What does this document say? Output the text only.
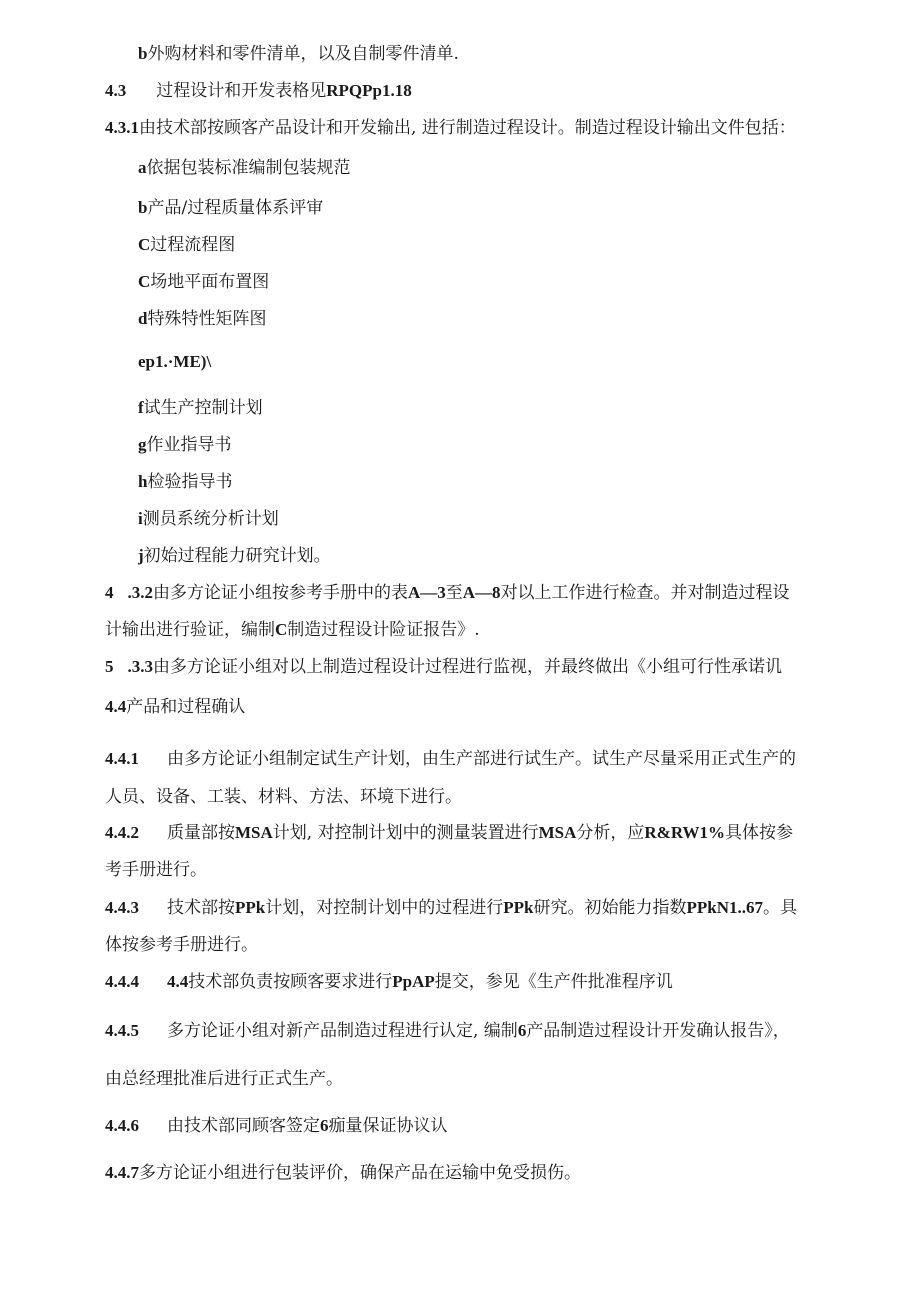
b外购材料和零件清单，以及自制零件清单.
4.3 过程设计和开发表格见RPQPp1.18
4.3.1由技术部按顾客产品设计和开发输出, 进行制造过程设计。制造过程设计输出文件包括：
a依据包装标准编制包装规范
b产品/过程质量体系评审
C过程流程图
C场地平面布置图
d特殊特性矩阵图
ep1.·ME)\
f试生产控制计划
g作业指导书
h检验指导书
i测员系统分析计划
j初始过程能力研究计划。
4 .3.2由多方论证小组按参考手册中的表A—3至A—8对以上工作进行检查。并对制造过程设
计输出进行验证，编制C制造过程设计险证报告》.
5 .3.3由多方论证小组对以上制造过程设计过程进行监视，并最终做出《小组可行性承诺讥
4.4产品和过程确认
4.4.1 由多方论证小组制定试生产计划，由生产部进行试生产。试生产尽量采用正式生产的
人员、设备、工装、材料、方法、环境下进行。
4.4.2 质量部按MSA计划, 对控制计划中的测量装置进行MSA分析，应R&RW1%具体按参
考手册进行。
4.4.3 技术部按PPk计划，对控制计划中的过程进行PPk研究。初始能力指数PPkN1..67。具
体按参考手册进行。
4.4.4 4.4技术部负责按顾客要求进行PpAP提交，参见《生产件批准程序讥
4.4.5 多方论证小组对新产品制造过程进行认定, 编制6产品制造过程设计开发确认报告》，
由总经理批准后进行正式生产。
4.4.6 由技术部同顾客签定6痂量保证协议认
4.4.7多方论证小组进行包装评价，确保产品在运输中免受损伤。
